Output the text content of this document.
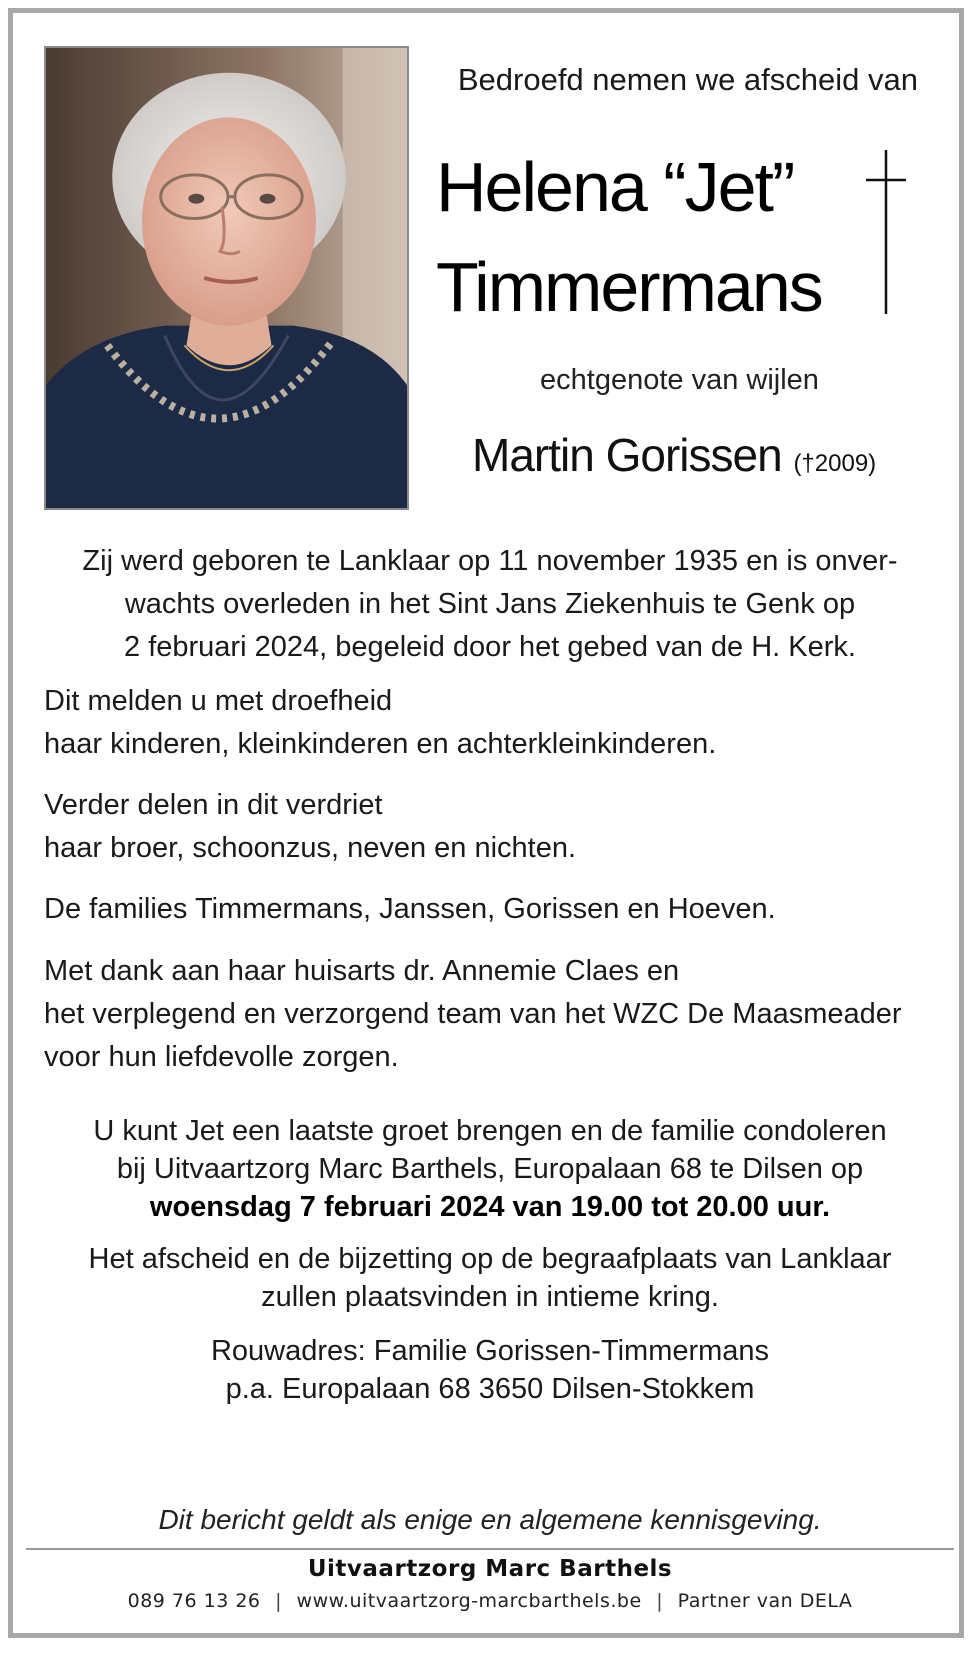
Bedroefd nemen we afscheid van
Helena “Jet”
Timmermans
echtgenote van wijlen
Martin Gorissen (†2009)
Zij werd geboren te Lanklaar op 11 november 1935 en is onver-
wachts overleden in het Sint Jans Ziekenhuis te Genk op
2 februari 2024, begeleid door het gebed van de H. Kerk.

Dit melden u met droefheid

haar kinderen, kleinkinderen en achterkleinkinderen.

Verder delen in dit verdriet

haar broer, schoonzus, neven en nichten.

De families Timmermans, Janssen, Gorissen en Hoeven.

Met dank aan haar huisarts dr. Annemie Claes en

het verplegend en verzorgend team van het WZC De Maasmeader

voor hun liefdevolle zorgen.

U kunt Jet een laatste groet brengen en de familie condoleren

bij Uitvaartzorg Marc Barthels, Europalaan 68 te Dilsen op

woensdag 7 februari 2024 van 19.00 tot 20.00 uur.

Het afscheid en de bijzetting op de begraafplaats van Lanklaar

zullen plaatsvinden in intieme kring.

Rouwadres: Familie Gorissen-Timmermans

p.a. Europalaan 68 3650 Dilsen-Stokkem

Dit bericht geldt als enige en algemene kennisgeving.
Uitvaartzorg Marc Barthels
089 76 13 26 | www.uitvaartzorg-marcbarthels.be | Partner van DELA
